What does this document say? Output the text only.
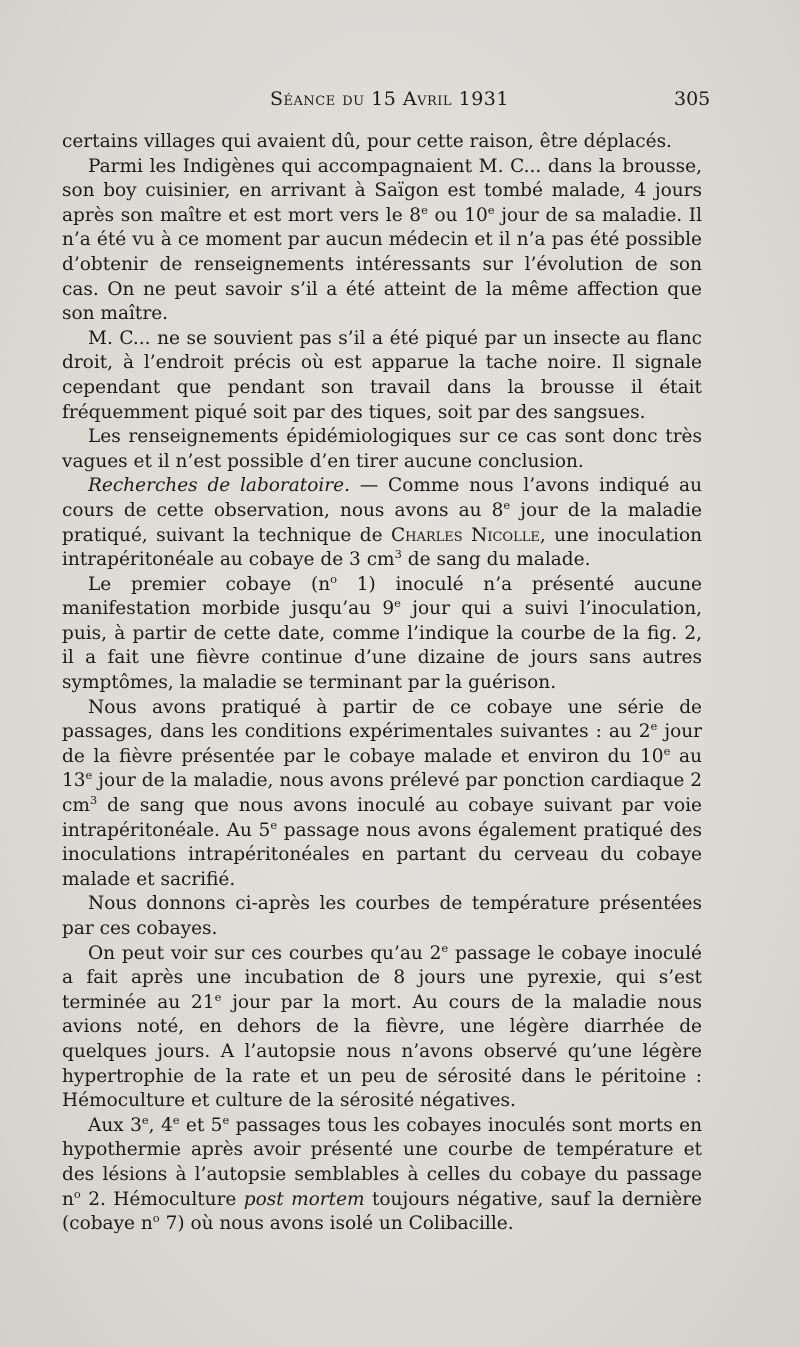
Séance du 15 Avril 1931	305

certains villages qui avaient dû, pour cette raison, être déplacés.

Parmi les Indigènes qui accompagnaient M. C... dans la brousse, son boy cuisinier, en arrivant à Saïgon est tombé malade, 4 jours après son maître et est mort vers le 8e ou 10e jour de sa maladie. Il n’a été vu à ce moment par aucun médecin et il n’a pas été possible d’obtenir de renseignements intéressants sur l’évolution de son cas. On ne peut savoir s’il a été atteint de la même affection que son maître.

M. C... ne se souvient pas s’il a été piqué par un insecte au flanc droit, à l’endroit précis où est apparue la tache noire. Il signale cependant que pendant son travail dans la brousse il était fréquemment piqué soit par des tiques, soit par des sangsues.

Les renseignements épidémiologiques sur ce cas sont donc très vagues et il n’est possible d’en tirer aucune conclusion.

Recherches de laboratoire. — Comme nous l’avons indiqué au cours de cette observation, nous avons au 8e jour de la maladie pratiqué, suivant la technique de Charles Nicolle, une inoculation intrapéritonéale au cobaye de 3 $cm^3$ de sang du malade.

Le premier cobaye ($n^o$ 1) inoculé n’a présenté aucune manifestation morbide jusqu’au 9e jour qui a suivi l’inoculation, puis, à partir de cette date, comme l’indique la courbe de la fig. 2, il a fait une fièvre continue d’une dizaine de jours sans autres symptômes, la maladie se terminant par la guérison.

Nous avons pratiqué à partir de ce cobaye une série de passages, dans les conditions expérimentales suivantes : au 2e jour de la fièvre présentée par le cobaye malade et environ du 10e au 13e jour de la maladie, nous avons prélevé par ponction cardiaque 2 $cm^3$ de sang que nous avons inoculé au cobaye suivant par voie intrapéritonéale. Au 5e passage nous avons également pratiqué des inoculations intrapéritonéales en partant du cerveau du cobaye malade et sacrifié.

Nous donnons ci-après les courbes de température présentées par ces cobayes.

On peut voir sur ces courbes qu’au 2e passage le cobaye inoculé a fait après une incubation de 8 jours une pyrexie, qui s’est terminée au 21e jour par la mort. Au cours de la maladie nous avions noté, en dehors de la fièvre, une légère diarrhée de quelques jours. A l’autopsie nous n’avons observé qu’une légère hypertrophie de la rate et un peu de sérosité dans le péritoine : Hémoculture et culture de la sérosité négatives.

Aux 3e, 4e et 5e passages tous les cobayes inoculés sont morts en hypothermie après avoir présenté une courbe de température et des lésions à l’autopsie semblables à celles du cobaye du passage $n^o$ 2. Hémoculture post mortem toujours négative, sauf la dernière (cobaye $n^o$ 7) où nous avons isolé un Colibacille.
